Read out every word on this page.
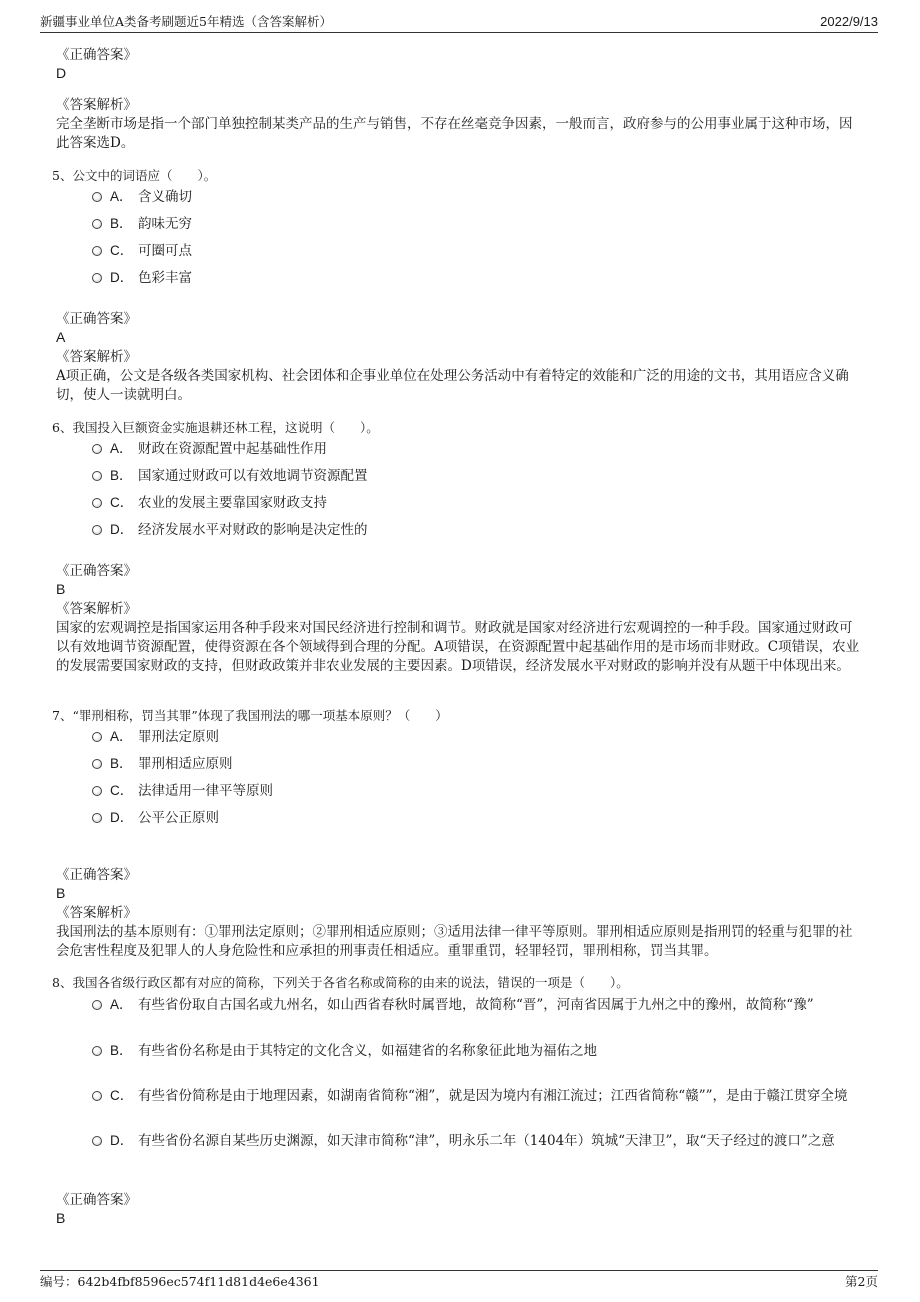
新疆事业单位A类备考刷题近5年精选（含答案解析）	2022/9/13
《正确答案》
D
《答案解析》
完全垄断市场是指一个部门单独控制某类产品的生产与销售，不存在丝毫竞争因素，一般而言，政府参与的公用事业属于这种市场，因此答案选D。
5、公文中的词语应（　　）。
A． 含义确切
B． 韵味无穷
C． 可圈可点
D． 色彩丰富
《正确答案》
A
《答案解析》
A项正确，公文是各级各类国家机构、社会团体和企事业单位在处理公务活动中有着特定的效能和广泛的用途的文书，其用语应含义确切，使人一读就明白。
6、我国投入巨额资金实施退耕还林工程，这说明（　　）。
A． 财政在资源配置中起基础性作用
B． 国家通过财政可以有效地调节资源配置
C． 农业的发展主要靠国家财政支持
D． 经济发展水平对财政的影响是决定性的
《正确答案》
B
《答案解析》
国家的宏观调控是指国家运用各种手段来对国民经济进行控制和调节。财政就是国家对经济进行宏观调控的一种手段。国家通过财政可以有效地调节资源配置，使得资源在各个领域得到合理的分配。A项错误，在资源配置中起基础作用的是市场而非财政。C项错误，农业的发展需要国家财政的支持，但财政政策并非农业发展的主要因素。D项错误，经济发展水平对财政的影响并没有从题干中体现出来。
7、“罪刑相称，罚当其罪”体现了我国刑法的哪一项基本原则？（　　）
A． 罪刑法定原则
B． 罪刑相适应原则
C． 法律适用一律平等原则
D． 公平公正原则
《正确答案》
B
《答案解析》
我国刑法的基本原则有：①罪刑法定原则；②罪刑相适应原则；③适用法律一律平等原则。罪刑相适应原则是指刑罚的轻重与犯罪的社会危害性程度及犯罪人的人身危险性和应承担的刑事责任相适应。重罪重罚，轻罪轻罚，罪刑相称，罚当其罪。
8、我国各省级行政区都有对应的简称，下列关于各省名称或简称的由来的说法，错误的一项是（　　）。
A． 有些省份取自古国名或九州名，如山西省春秋时属晋地，故简称“晋”，河南省因属于九州之中的豫州，故简称“豫”
B． 有些省份名称是由于其特定的文化含义，如福建省的名称象征此地为福佑之地
C． 有些省份简称是由于地理因素，如湖南省简称“湘”，就是因为境内有湘江流过；江西省简称“赣””，是由于赣江贯穿全境
D． 有些省份名源自某些历史渊源，如天津市简称“津”，明永乐二年（1404年）筑城“天津卫”，取“天子经过的渡口”之意
《正确答案》
B
编号：642b4fbf8596ec574f11d81d4e6e4361	第2页
